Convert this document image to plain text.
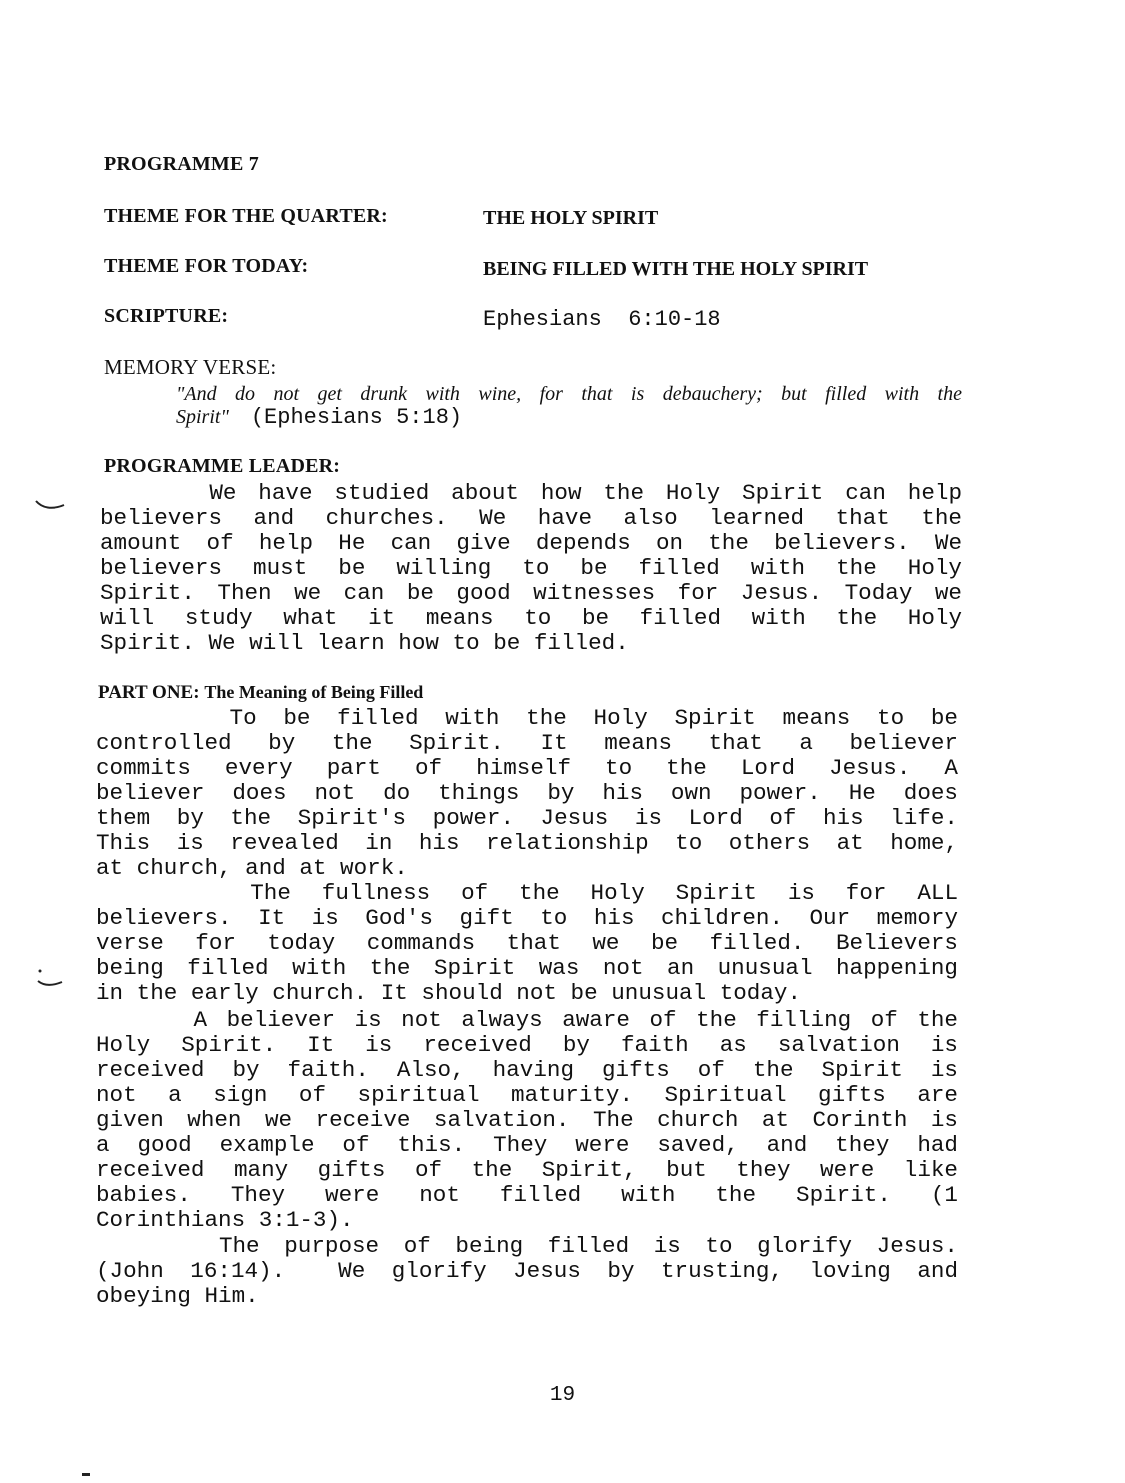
PROGRAMME 7
THEME FOR THE QUARTER:	THE HOLY SPIRIT
THEME FOR TODAY:	BEING FILLED WITH THE HOLY SPIRIT
SCRIPTURE:	Ephesians  6:10-18
MEMORY VERSE:
"And do not get drunk with wine, for that is debauchery; but filled with the
Spirit" (Ephesians 5:18)
PROGRAMME LEADER:
We have studied about how the Holy Spirit can help
believers and churches. We have also learned that the
amount of help He can give depends on the believers. We
believers must be willing to be filled with the Holy
Spirit. Then we can be good witnesses for Jesus. Today we
will study what it means to be filled with the Holy
Spirit. We will learn how to be filled.
PART ONE: The Meaning of Being Filled
To be filled with the Holy Spirit means to be
controlled by the Spirit. It means that a believer
commits every part of himself to the Lord Jesus. A
believer does not do things by his own power. He does
them by the Spirit's power. Jesus is Lord of his life.
This is revealed in his relationship to others at home,
at church, and at work.
The fullness of the Holy Spirit is for ALL
believers. It is God's gift to his children. Our memory
verse for today commands that we be filled. Believers
being filled with the Spirit was not an unusual happening
in the early church. It should not be unusual today.
A believer is not always aware of the filling of the
Holy Spirit. It is received by faith as salvation is
received by faith. Also, having gifts of the Spirit is
not a sign of spiritual maturity. Spiritual gifts are
given when we receive salvation. The church at Corinth is
a good example of this. They were saved, and they had
received many gifts of the Spirit, but they were like
babies. They were not filled with the Spirit. (1
Corinthians 3:1-3).
The purpose of being filled is to glorify Jesus.
(John 16:14).  We glorify Jesus by trusting, loving and
obeying Him.
19
